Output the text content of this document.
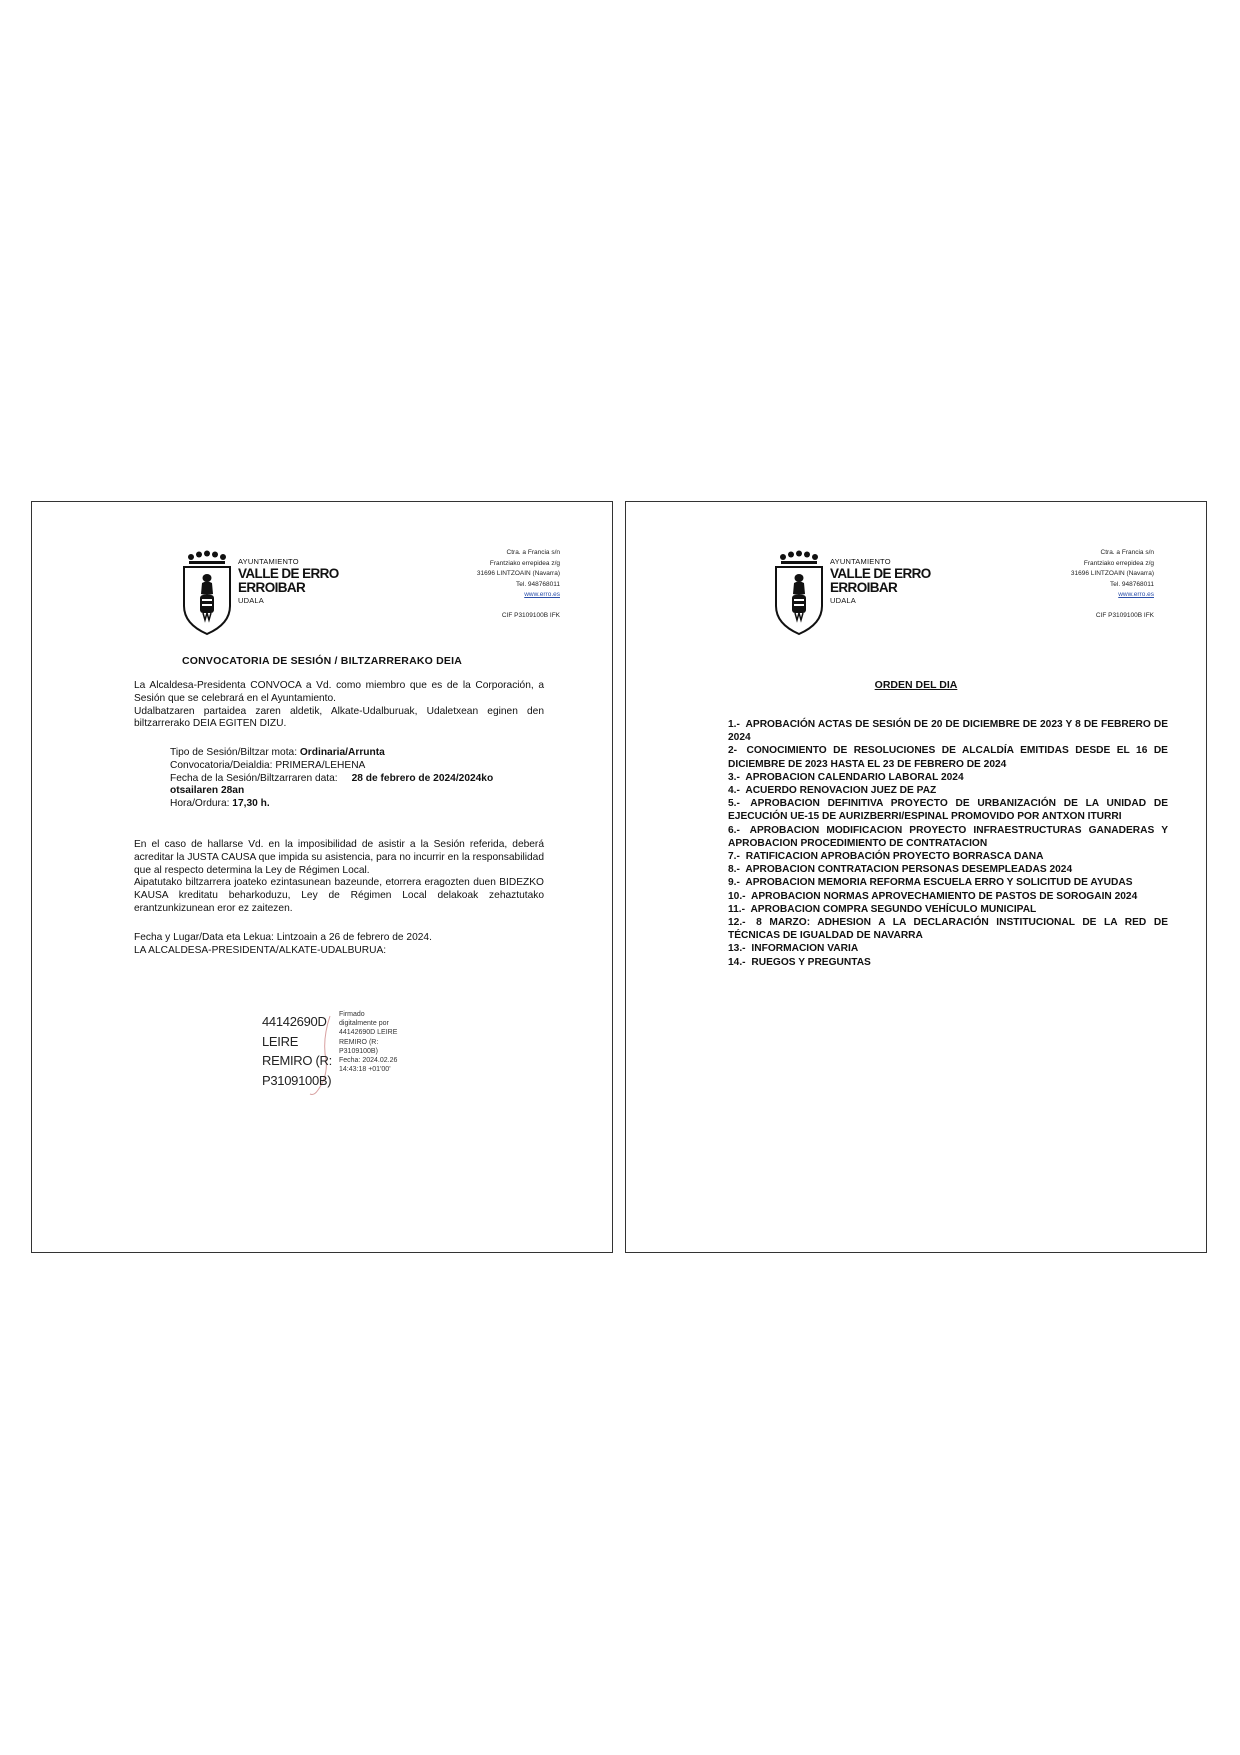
AYUNTAMIENTO
VALLE DE ERRO
ERROIBAR
UDALA
Ctra. a Francia s/n
Frantziako errepidea z/g
31696 LINTZOAIN (Navarra)
Tel. 948768011
www.erro.es
CIF P3109100B IFK
CONVOCATORIA DE SESIÓN / BILTZARRERAKO DEIA

La Alcaldesa-Presidenta CONVOCA a Vd. como miembro que es de la Corporación, a Sesión que se celebrará en el Ayuntamiento.

Udalbatzaren partaidea zaren aldetik, Alkate-Udalburuak, Udaletxean eginen den biltzarrerako DEIA EGITEN DIZU.

Tipo de Sesión/Biltzar mota: Ordinaria/Arrunta

Convocatoria/Deialdia: PRIMERA/LEHENA

Fecha de la Sesión/Biltzarraren data: 28 de febrero de 2024/2024ko otsailaren 28an

Hora/Ordura: 17,30 h.

En el caso de hallarse Vd. en la imposibilidad de asistir a la Sesión referida, deberá acreditar la JUSTA CAUSA que impida su asistencia, para no incurrir en la responsabilidad que al respecto determina la Ley de Régimen Local.

Aipatutako biltzarrera joateko ezintasunean bazeunde, etorrera eragozten duen BIDEZKO KAUSA kreditatu beharkoduzu, Ley de Régimen Local delakoak zehaztutako erantzunkizunean eror ez zaitezen.

Fecha y Lugar/Data eta Lekua: Lintzoain a 26 de febrero de 2024.

LA ALCALDESA-PRESIDENTA/ALKATE-UDALBURUA:

44142690D
LEIRE
REMIRO (R:
P3109100B)
Firmado
digitalmente por
44142690D LEIRE
REMIRO (R:
P3109100B)
Fecha: 2024.02.26
14:43:18 +01'00'
AYUNTAMIENTO
VALLE DE ERRO
ERROIBAR
UDALA
Ctra. a Francia s/n
Frantziako errepidea z/g
31696 LINTZOAIN (Navarra)
Tel. 948768011
www.erro.es
CIF P3109100B IFK
ORDEN DEL DIA
1.- APROBACIÓN ACTAS DE SESIÓN DE 20 DE DICIEMBRE DE 2023 Y 8 DE FEBRERO DE 2024
2- CONOCIMIENTO DE RESOLUCIONES DE ALCALDÍA EMITIDAS DESDE EL 16 DE DICIEMBRE DE 2023 HASTA EL 23 DE FEBRERO DE 2024
3.- APROBACION CALENDARIO LABORAL 2024
4.- ACUERDO RENOVACION JUEZ DE PAZ
5.- APROBACION DEFINITIVA PROYECTO DE URBANIZACIÓN DE LA UNIDAD DE EJECUCIÓN UE-15 DE AURIZBERRI/ESPINAL PROMOVIDO POR ANTXON ITURRI
6.- APROBACION MODIFICACION PROYECTO INFRAESTRUCTURAS GANADERAS Y APROBACION PROCEDIMIENTO DE CONTRATACION
7.- RATIFICACION APROBACIÓN PROYECTO BORRASCA DANA
8.- APROBACION CONTRATACION PERSONAS DESEMPLEADAS 2024
9.- APROBACION MEMORIA REFORMA ESCUELA ERRO Y SOLICITUD DE AYUDAS
10.- APROBACION NORMAS APROVECHAMIENTO DE PASTOS DE SOROGAIN 2024
11.- APROBACION COMPRA SEGUNDO VEHÍCULO MUNICIPAL
12.- 8 MARZO: ADHESION A LA DECLARACIÓN INSTITUCIONAL DE LA RED DE TÉCNICAS DE IGUALDAD DE NAVARRA
13.- INFORMACION VARIA
14.- RUEGOS Y PREGUNTAS
